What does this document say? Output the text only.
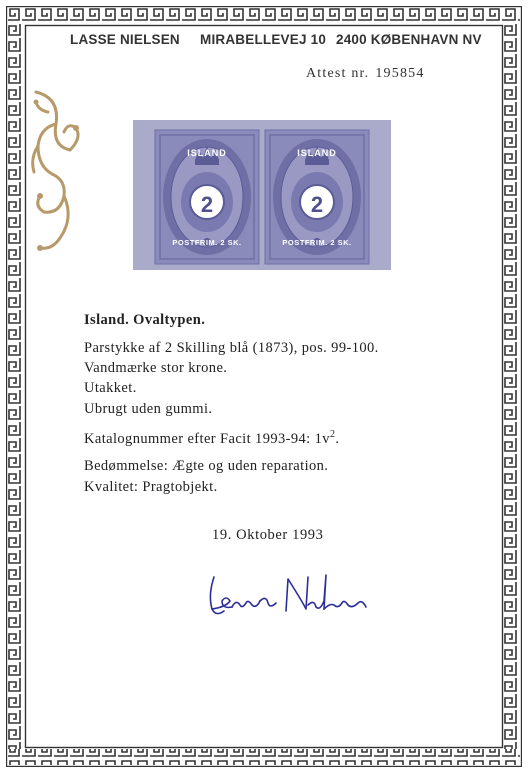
LASSE NIELSEN MIRABELLEVEJ 10 2400 KØBENHAVN NV
Attest nr. 195854
ISLAND
2
POSTFRIM. 2 SK.
ISLAND
2
POSTFRIM. 2 SK.
Island. Ovaltypen.
Parstykke af 2 Skilling blå (1873), pos. 99-100.
Vandmærke stor krone.
Utakket.
Ubrugt uden gummi.
Katalognummer efter Facit 1993-94: $1v^2$.
Bedømmelse: Ægte og uden reparation.
Kvalitet: Pragtobjekt.
19. Oktober 1993
